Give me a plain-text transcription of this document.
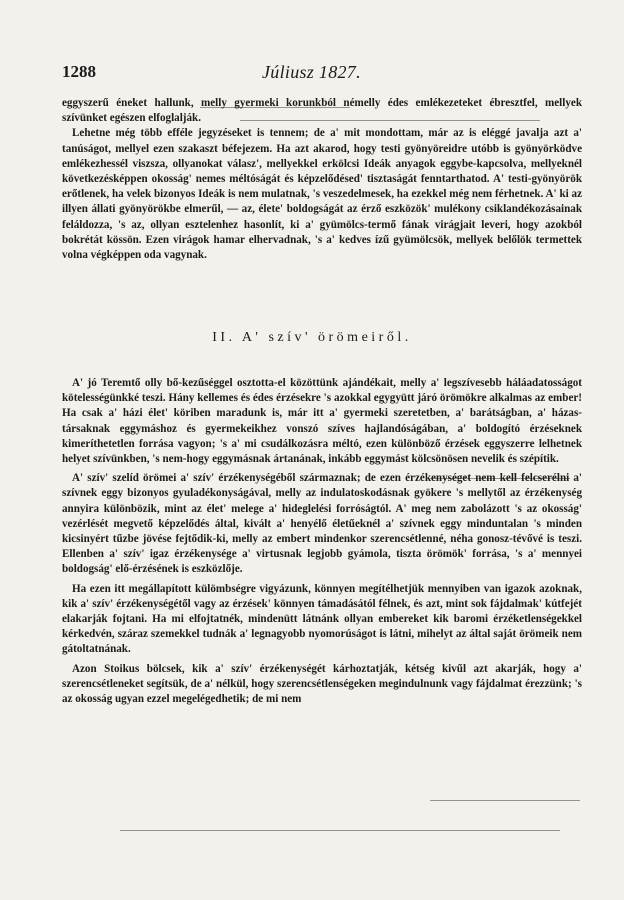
1288	Júliusz 1827.

eggyszerű éneket hallunk, melly gyermeki korunkból némelly édes emlékezeteket ébresztfel, mellyek szívünket egészen elfoglalják.

Lehetne még több efféle jegyzéseket is tennem; de a' mit mondottam, már az is eléggé javalja azt a' tanúságot, mellyel ezen szakaszt béfejezem. Ha azt akarod, hogy testi gyönyöreidre utóbb is gyönyörködve emlékezhessél viszsza, ollyanokat válasz', mellyekkel erkölcsi Ideák anyagok eggybe-kapcsolva, mellyeknél következésképpen okosság' nemes méltóságát és képzelődésed' tisztaságát fenntarthatod. A' testi-gyönyörök erőtlenek, ha velek bizonyos Ideák is nem mulatnak, 's veszedelmesek, ha ezekkel még nem férhetnek. A' ki az illyen állati gyönyörökbe elmerűl, — az, élete' boldogságát az érző eszközök' mulékony csiklandékozásainak feláldozza, 's az, ollyan esztelenhez hasonlít, ki a' gyümölcs-termő fának virágjait leveri, hogy azokból bokrétát kössön. Ezen virágok hamar elhervadnak, 's a' kedves ízű gyümölcsök, mellyek belőlök termettek volna végképpen oda vagynak.

II. A' szív' örömeiről.

A' jó Teremtő olly bő-kezűséggel osztotta-el közöttünk ajándékait, melly a' legszívesebb háláadatosságot kötelességünkké teszi. Hány kellemes és édes érzésekre 's azokkal egygyütt járó örömökre alkalmas az ember! Ha csak a' házi élet' köriben maradunk is, már itt a' gyermeki szeretetben, a' barátságban, a' házas-társaknak eggymáshoz és gyermekeikhez vonszó szíves hajlandóságában, a' boldogító érzéseknek kimeríthetetlen forrása vagyon; 's a' mi csudálkozásra méltó, ezen különböző érzések eggyszerre lelhetnek helyet szívünkben, 's nem-hogy eggymásnak ártanának, inkább eggymást kölcsönösen nevelik és szépítik.

A' szív' szelíd örömei a' szív' érzékenységéből származnak; de ezen érzékenységet nem kell felcserélni a' szívnek eggy bizonyos gyuladékonyságával, melly az indulatoskodásnak gyökere 's mellytől az érzékenység annyira különbözik, mint az élet' melege a' hideglelési forróságtól. A' meg nem zabolázott 's az okosság' vezérlését megvető képzelődés által, kivált a' henyélő életűeknél a' szívnek eggy minduntalan 's minden kicsinyért tűzbe jövése fejtődik-ki, melly az embert mindenkor szerencsétlenné, néha gonosz-tévővé is teszi. Ellenben a' szív' igaz érzékenysége a' virtusnak legjobb gyámola, tiszta örömök' forrása, 's a' mennyei boldogság' elő-érzésének is eszközlője.

Ha ezen itt megállapított külömbségre vigyázunk, könnyen megítélhetjük mennyiben van igazok azoknak, kik a' szív' érzékenységétől vagy az érzések' könnyen támadásától félnek, és azt, mint sok fájdalmak' kútfejét elakarják fojtani. Ha mi elfojtatnék, mindenütt látnánk ollyan embereket kik baromi érzéketlenségekkel kérkedvén, száraz szemekkel tudnák a' legnagyobb nyomorúságot is látni, mihelyt az által saját örömeik nem gátoltatnának.

Azon Stoikus bölcsek, kik a' szív' érzékenységét kárhoztatják, kétség kivűl azt akarják, hogy a' szerencsétleneket segítsük, de a' nélkül, hogy szerencsétlenségeken megindulnunk vagy fájdalmat érezzünk; 's az okosság ugyan ezzel megelégedhetik; de mi nem
